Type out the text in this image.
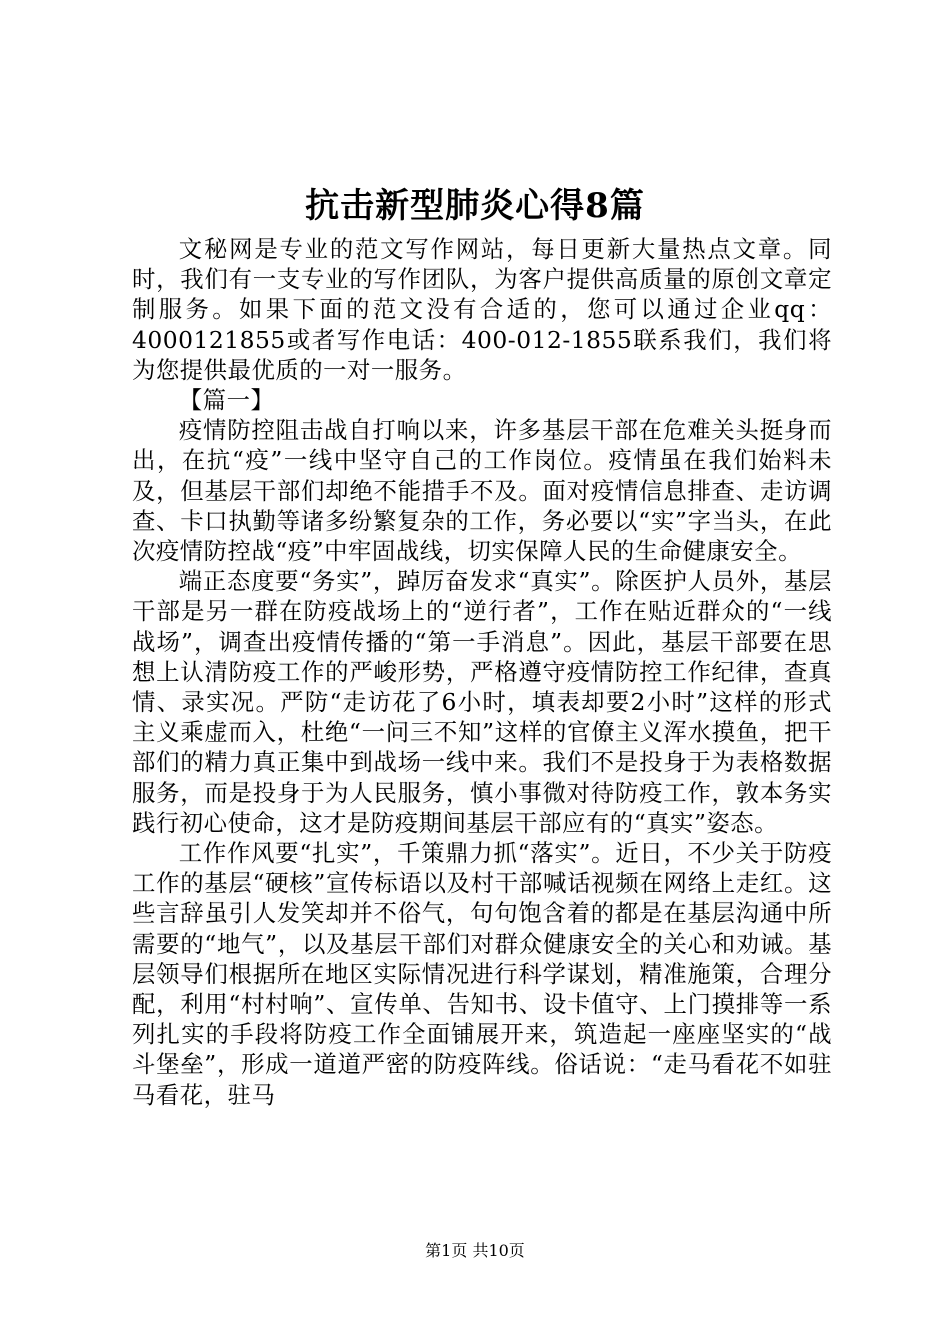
抗击新型肺炎心得8篇

文秘网是专业的范文写作网站，每日更新大量热点文章。同时，我们有一支专业的写作团队，为客户提供高质量的原创文章定制服务。如果下面的范文没有合适的，您可以通过企业qq：4000121855或者写作电话：400-012-1855联系我们，我们将为您提供最优质的一对一服务。

【篇一】

疫情防控阻击战自打响以来，许多基层干部在危难关头挺身而出，在抗“疫”一线中坚守自己的工作岗位。疫情虽在我们始料未及，但基层干部们却绝不能措手不及。面对疫情信息排查、走访调查、卡口执勤等诸多纷繁复杂的工作，务必要以“实”字当头，在此次疫情防控战“疫”中牢固战线，切实保障人民的生命健康安全。

端正态度要“务实”，踔厉奋发求“真实”。除医护人员外，基层干部是另一群在防疫战场上的“逆行者”，工作在贴近群众的“一线战场”，调查出疫情传播的“第一手消息”。因此，基层干部要在思想上认清防疫工作的严峻形势，严格遵守疫情防控工作纪律，查真情、录实况。严防“走访花了6小时，填表却要2小时”这样的形式主义乘虚而入，杜绝“一问三不知”这样的官僚主义浑水摸鱼，把干部们的精力真正集中到战场一线中来。我们不是投身于为表格数据服务，而是投身于为人民服务，慎小事微对待防疫工作，敦本务实践行初心使命，这才是防疫期间基层干部应有的“真实”姿态。

工作作风要“扎实”，千策鼎力抓“落实”。近日，不少关于防疫工作的基层“硬核”宣传标语以及村干部喊话视频在网络上走红。这些言辞虽引人发笑却并不俗气，句句饱含着的都是在基层沟通中所需要的“地气”，以及基层干部们对群众健康安全的关心和劝诫。基层领导们根据所在地区实际情况进行科学谋划，精准施策，合理分配，利用“村村响”、宣传单、告知书、设卡值守、上门摸排等一系列扎实的手段将防疫工作全面铺展开来，筑造起一座座坚实的“战斗堡垒”，形成一道道严密的防疫阵线。俗话说：“走马看花不如驻马看花，驻马

第1页 共10页
